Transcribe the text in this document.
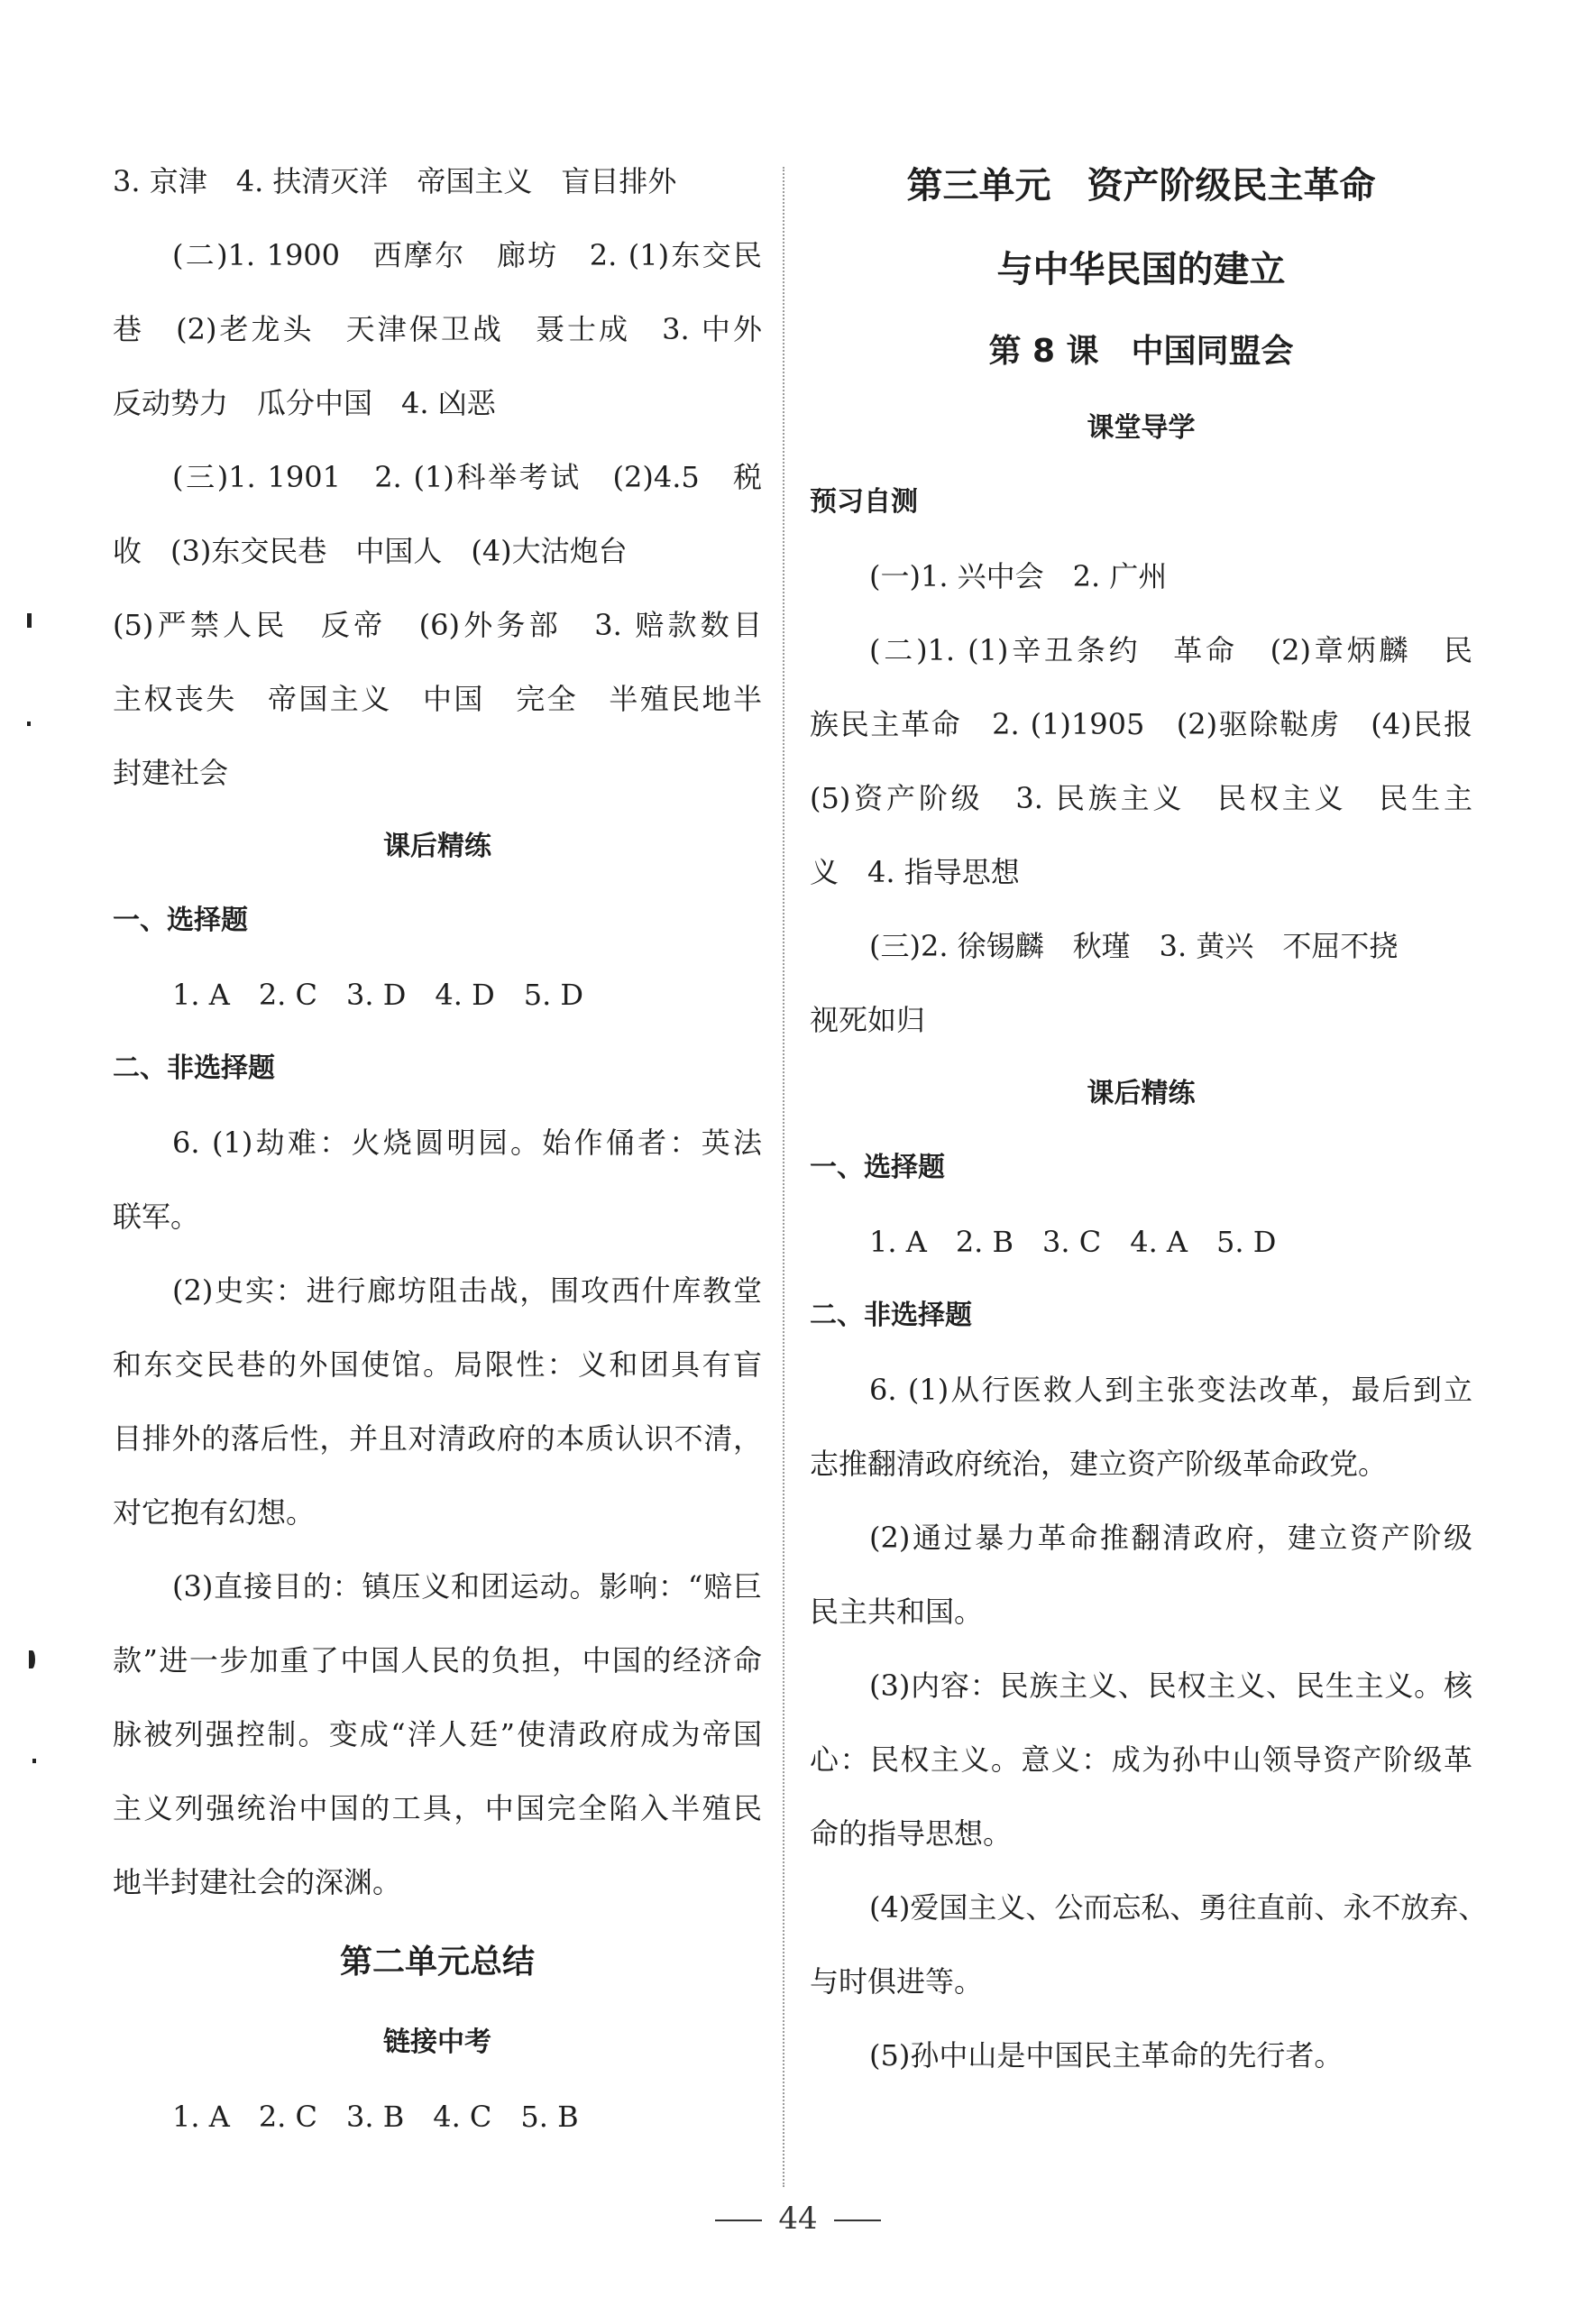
3. 京津　4. 扶清灭洋　帝国主义　盲目排外
(二)1. 1900　西摩尔　廊坊　2. (1)东交民
巷　(2)老龙头　天津保卫战　聂士成　3. 中外
反动势力　瓜分中国　4. 凶恶
(三)1. 1901　2. (1)科举考试　(2)4.5　税
收　(3)东交民巷　中国人　(4)大沽炮台
(5)严禁人民　反帝　(6)外务部　3. 赔款数目
主权丧失　帝国主义　中国　完全　半殖民地半
封建社会
课后精练
一、选择题
1. A　2. C　3. D　4. D　5. D
二、非选择题
6. (1)劫难：火烧圆明园。始作俑者：英法
联军。
(2)史实：进行廊坊阻击战，围攻西什库教堂
和东交民巷的外国使馆。局限性：义和团具有盲
目排外的落后性，并且对清政府的本质认识不清，
对它抱有幻想。
(3)直接目的：镇压义和团运动。影响：“赔巨
款”进一步加重了中国人民的负担，中国的经济命
脉被列强控制。变成“洋人廷”使清政府成为帝国
主义列强统治中国的工具，中国完全陷入半殖民
地半封建社会的深渊。
第二单元总结
链接中考
1. A　2. C　3. B　4. C　5. B
第三单元　资产阶级民主革命
与中华民国的建立
第 8 课　中国同盟会
课堂导学
预习自测
(一)1. 兴中会　2. 广州
(二)1. (1)辛丑条约　革命　(2)章炳麟　民
族民主革命　2. (1)1905　(2)驱除鞑虏　(4)民报
(5)资产阶级　3. 民族主义　民权主义　民生主
义　4. 指导思想
(三)2. 徐锡麟　秋瑾　3. 黄兴　不屈不挠
视死如归
课后精练
一、选择题
1. A　2. B　3. C　4. A　5. D
二、非选择题
6. (1)从行医救人到主张变法改革，最后到立
志推翻清政府统治，建立资产阶级革命政党。
(2)通过暴力革命推翻清政府，建立资产阶级
民主共和国。
(3)内容：民族主义、民权主义、民生主义。核
心：民权主义。意义：成为孙中山领导资产阶级革
命的指导思想。
(4)爱国主义、公而忘私、勇往直前、永不放弃、
与时俱进等。
(5)孙中山是中国民主革命的先行者。
44
